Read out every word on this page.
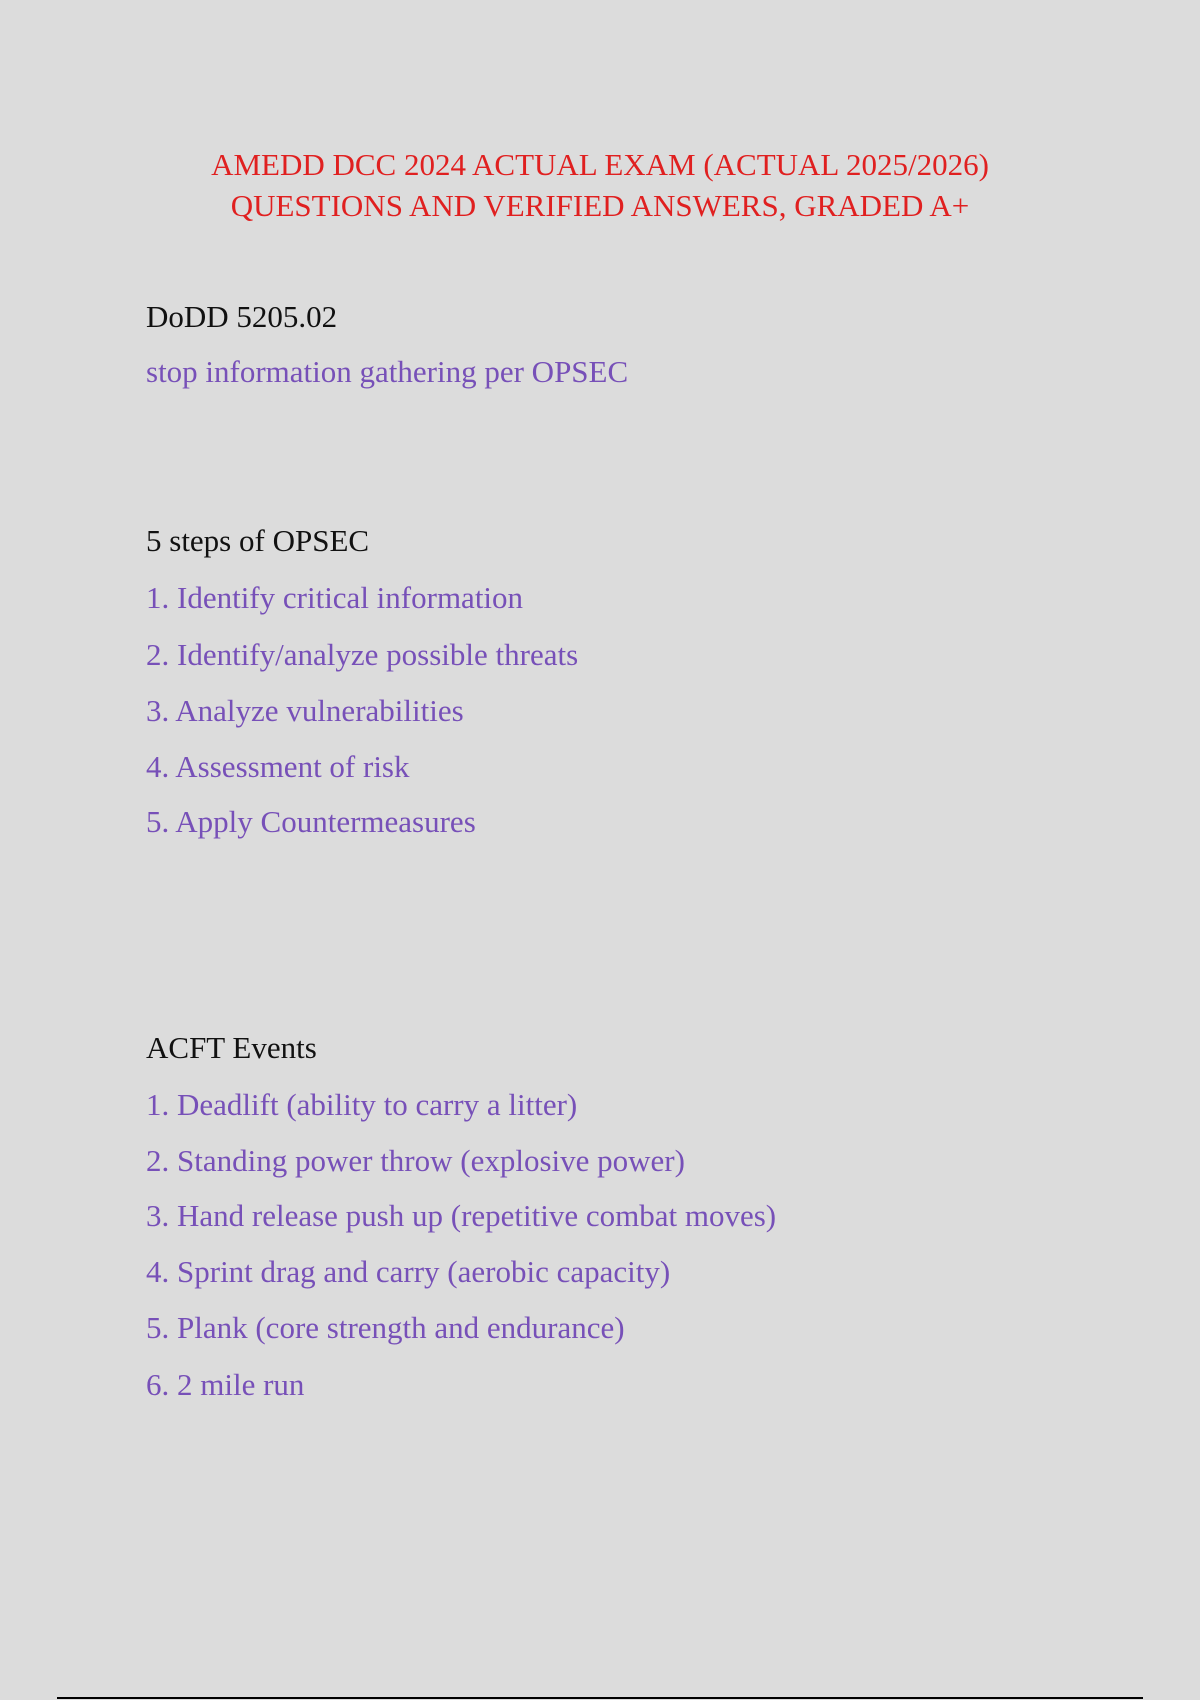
AMEDD DCC 2024 ACTUAL EXAM (ACTUAL 2025/2026)
QUESTIONS AND VERIFIED ANSWERS, GRADED A+
DoDD 5205.02
stop information gathering per OPSEC
5 steps of OPSEC
1. Identify critical information
2. Identify/analyze possible threats
3. Analyze vulnerabilities
4. Assessment of risk
5. Apply Countermeasures
ACFT Events
1. Deadlift (ability to carry a litter)
2. Standing power throw (explosive power)
3. Hand release push up (repetitive combat moves)
4. Sprint drag and carry (aerobic capacity)
5. Plank (core strength and endurance)
6. 2 mile run
